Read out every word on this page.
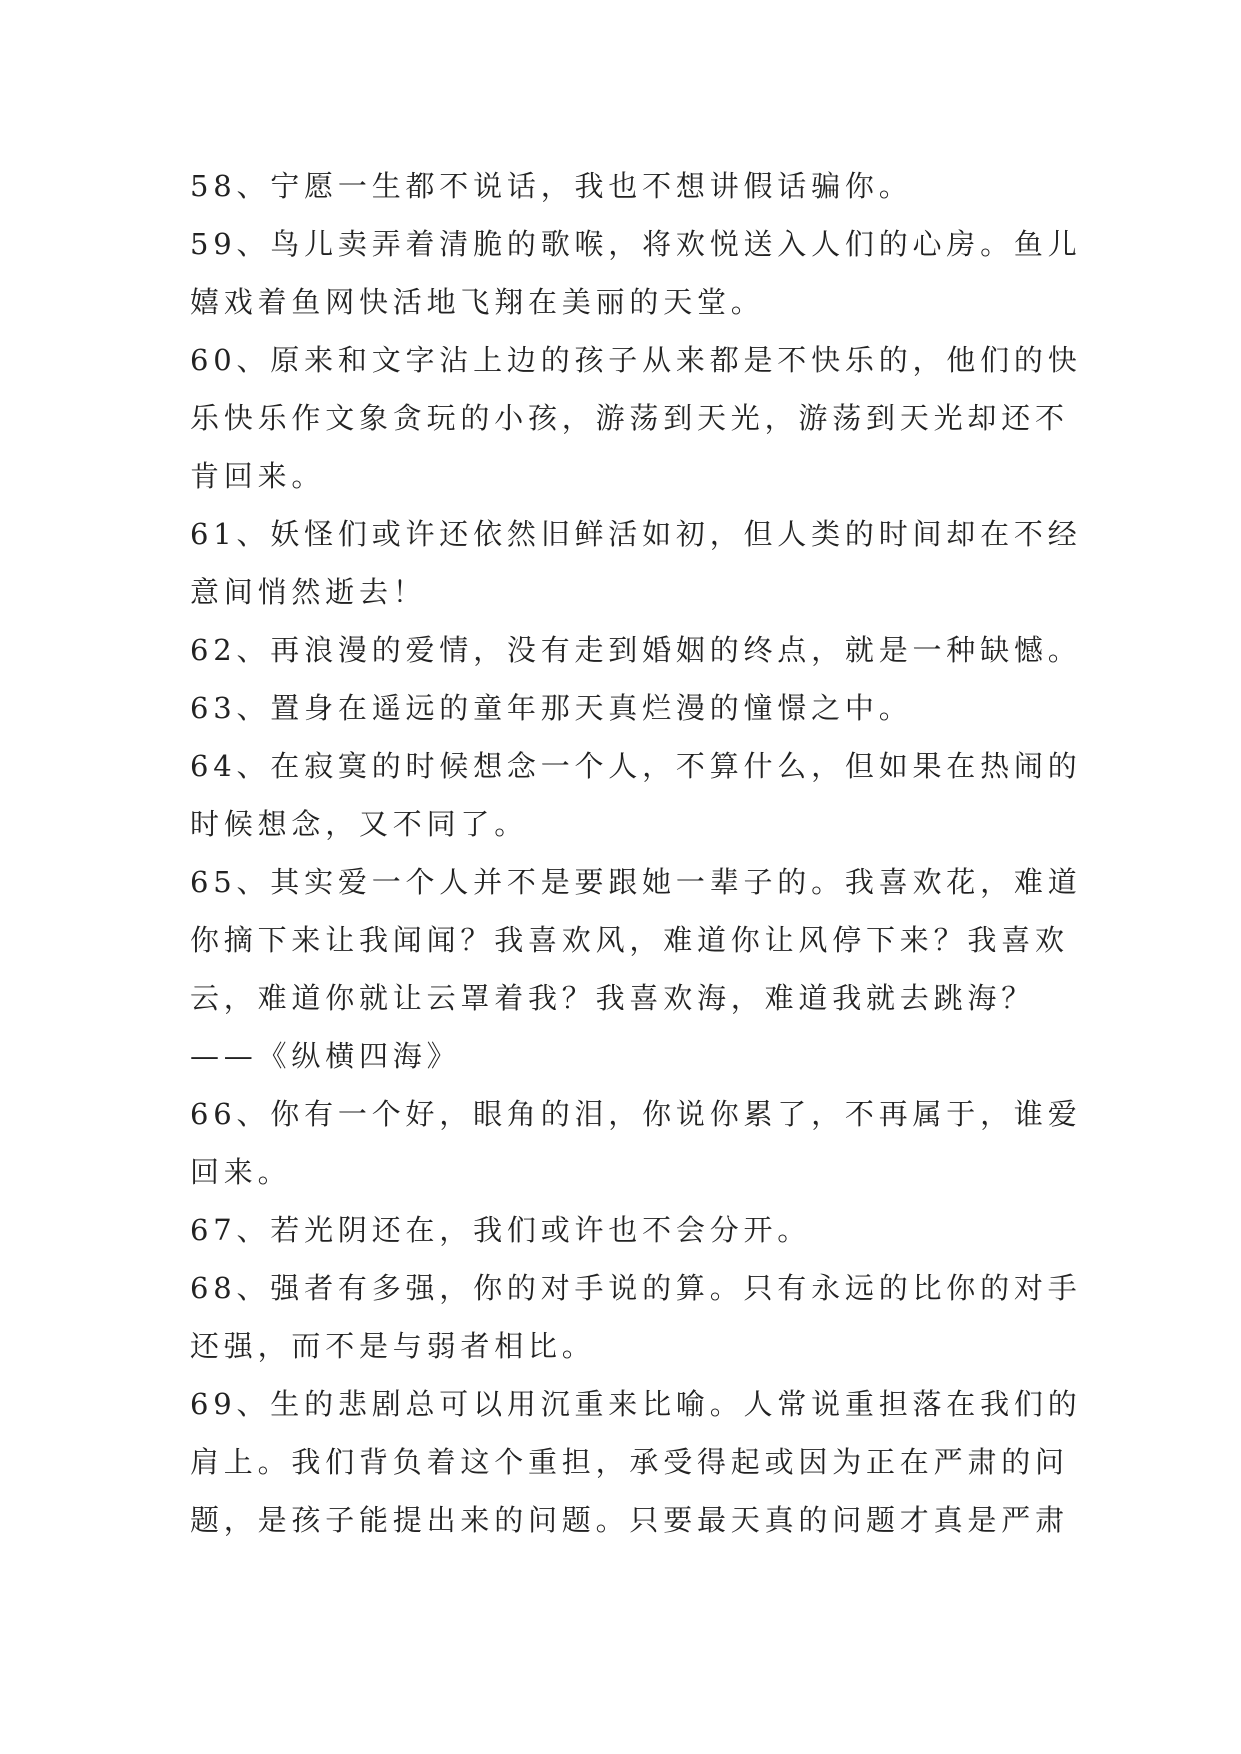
58、宁愿一生都不说话，我也不想讲假话骗你。
59、鸟儿卖弄着清脆的歌喉，将欢悦送入人们的心房。鱼儿
嬉戏着鱼网快活地飞翔在美丽的天堂。
60、原来和文字沾上边的孩子从来都是不快乐的，他们的快
乐快乐作文象贪玩的小孩，游荡到天光，游荡到天光却还不
肯回来。
61、妖怪们或许还依然旧鲜活如初，但人类的时间却在不经
意间悄然逝去！
62、再浪漫的爱情，没有走到婚姻的终点，就是一种缺憾。
63、置身在遥远的童年那天真烂漫的憧憬之中。
64、在寂寞的时候想念一个人，不算什么，但如果在热闹的
时候想念，又不同了。
65、其实爱一个人并不是要跟她一辈子的。我喜欢花，难道
你摘下来让我闻闻？我喜欢风，难道你让风停下来？我喜欢
云，难道你就让云罩着我？我喜欢海，难道我就去跳海？
——《纵横四海》
66、你有一个好，眼角的泪，你说你累了，不再属于，谁爱
回来。
67、若光阴还在，我们或许也不会分开。
68、强者有多强，你的对手说的算。只有永远的比你的对手
还强，而不是与弱者相比。
69、生的悲剧总可以用沉重来比喻。人常说重担落在我们的
肩上。我们背负着这个重担，承受得起或因为正在严肃的问
题，是孩子能提出来的问题。只要最天真的问题才真是严肃
